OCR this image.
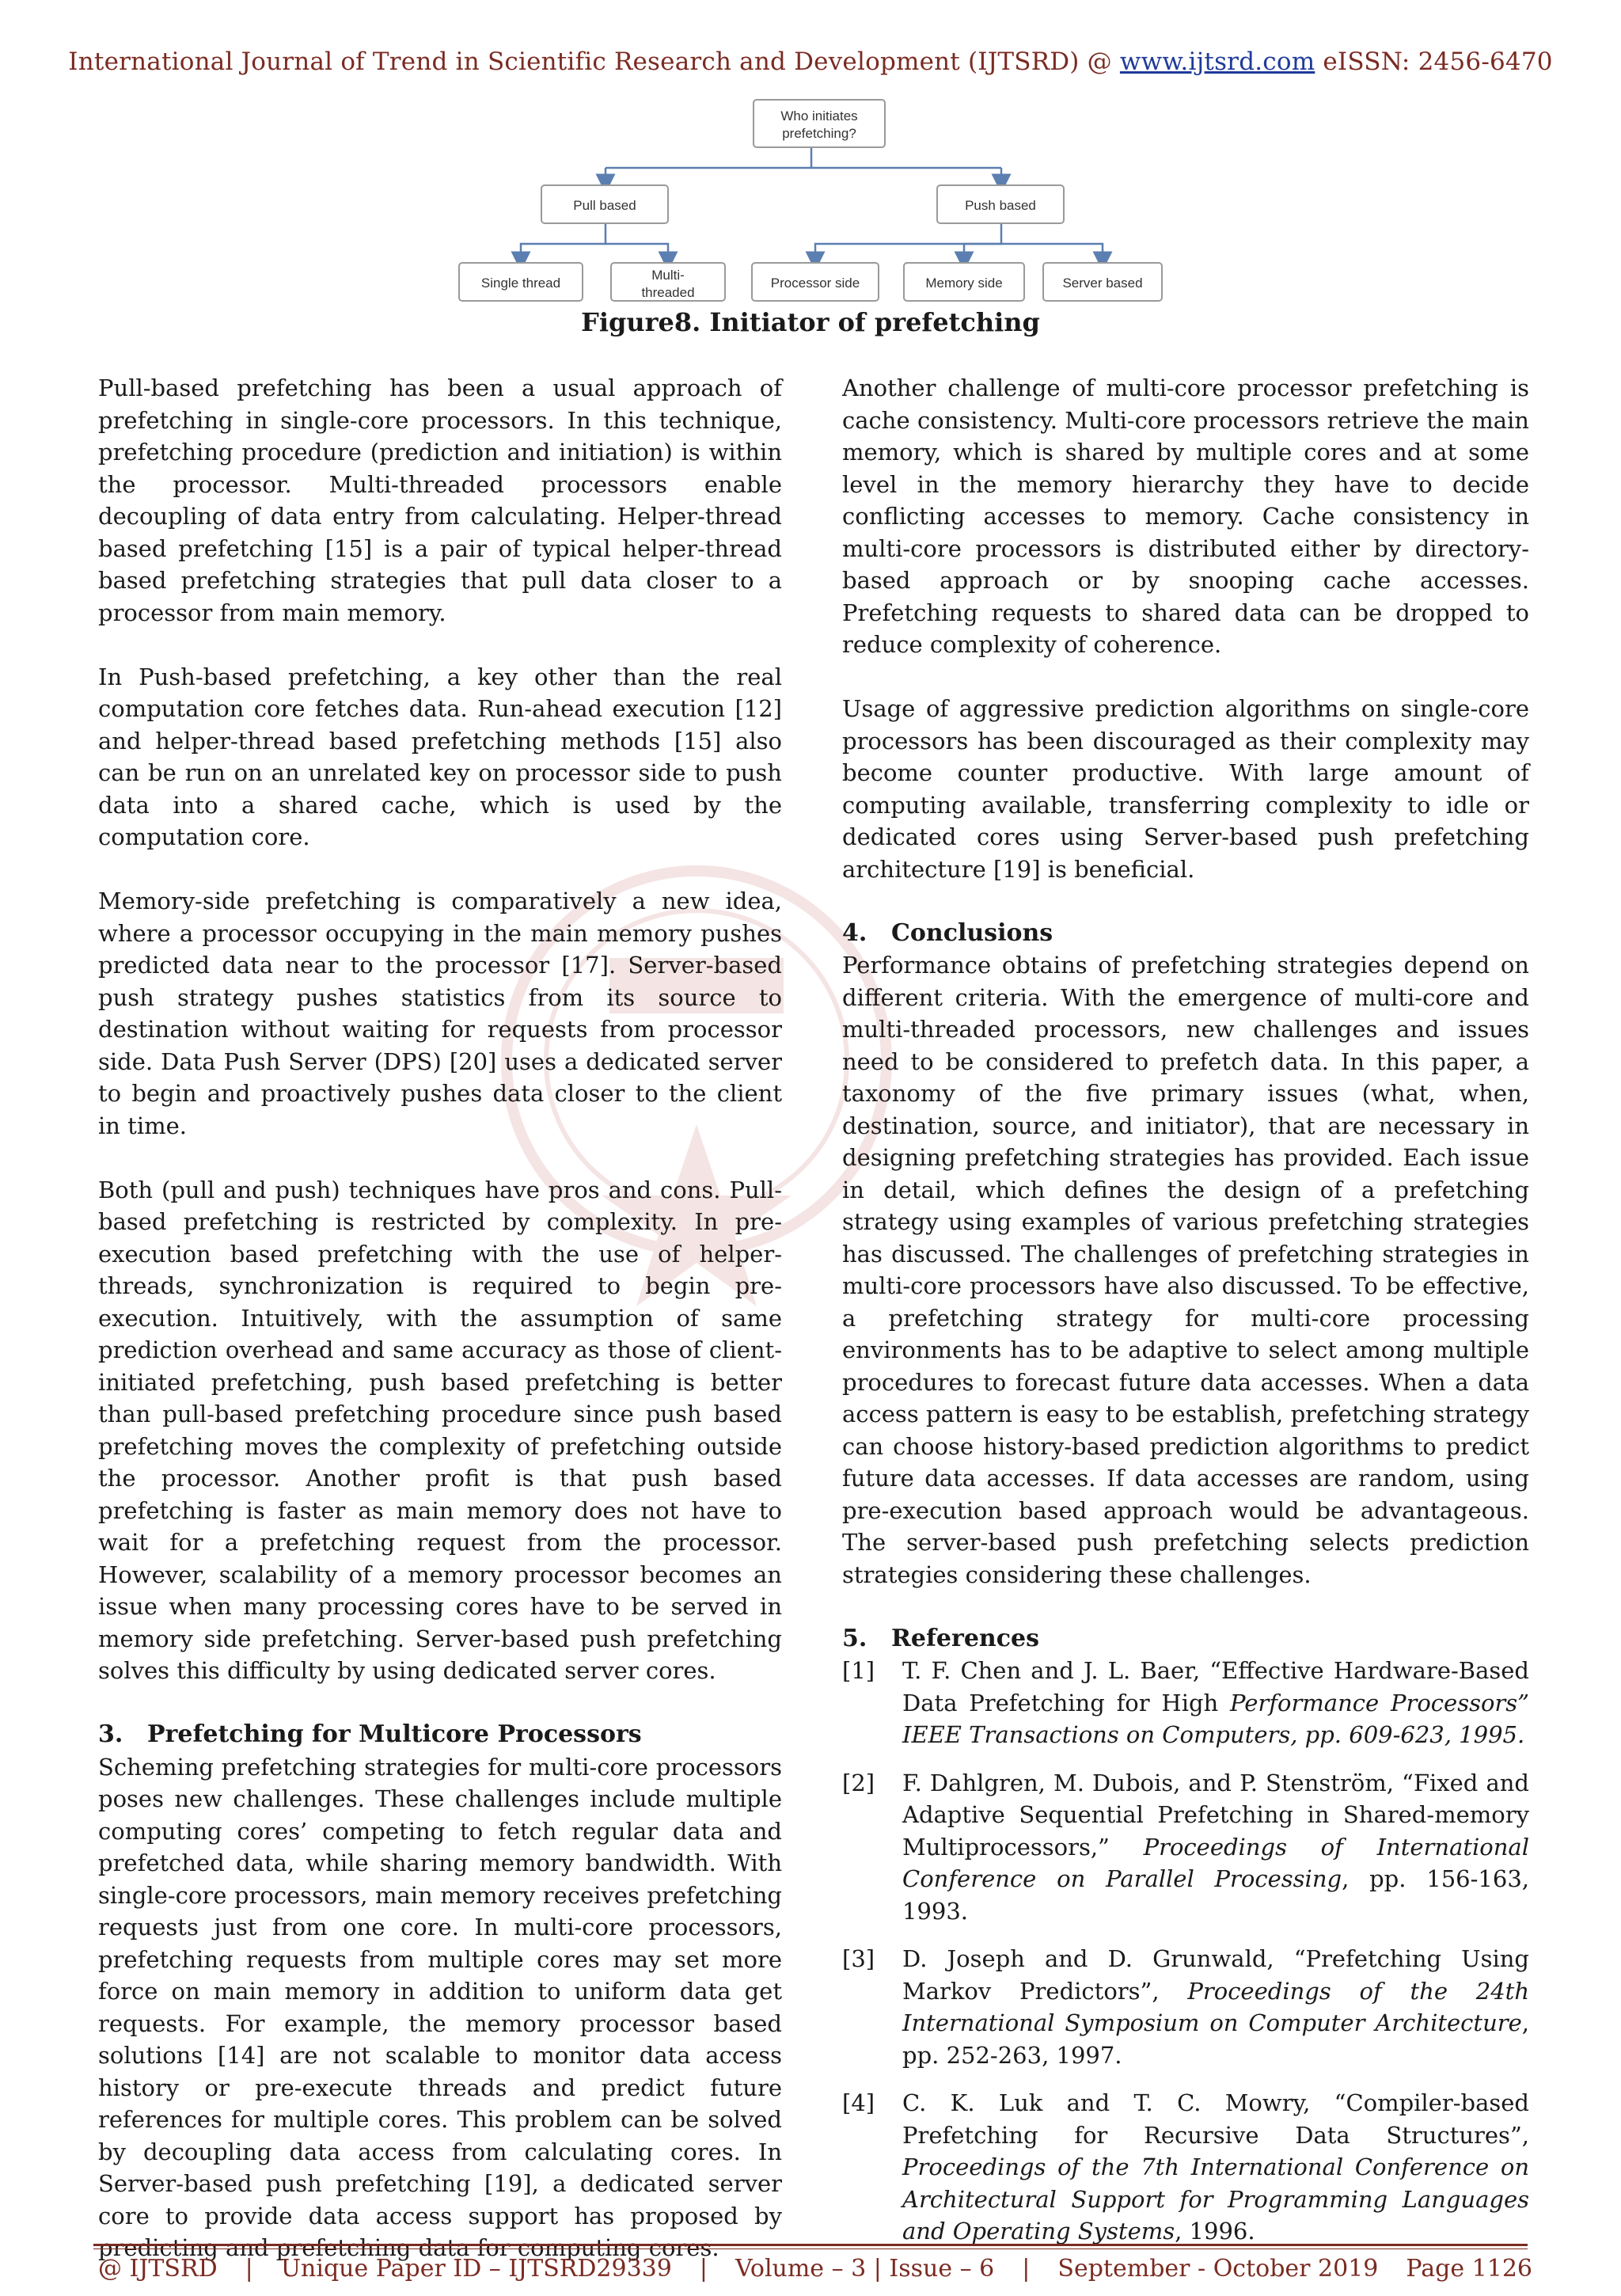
International Journal of Trend in Scientific Research and Development (IJTSRD) @ www.ijtsrd.com eISSN: 2456-6470
Who initiates
prefetching?
Pull based	Push based
Single thread
Multi-
threaded
Processor side	Memory side	Server based
Figure8. Initiator of prefetching

Pull-based prefetching has been a usual approach of prefetching in single-core processors. In this technique, prefetching procedure (prediction and initiation) is within the processor. Multi-threaded processors enable decoupling of data entry from calculating. Helper-thread based prefetching [15] is a pair of typical helper-thread based prefetching strategies that pull data closer to a processor from main memory.

In Push-based prefetching, a key other than the real computation core fetches data. Run-ahead execution [12] and helper-thread based prefetching methods [15] also can be run on an unrelated key on processor side to push data into a shared cache, which is used by the computation core.

Memory-side prefetching is comparatively a new idea, where a processor occupying in the main memory pushes predicted data near to the processor [17]. Server-based push strategy pushes statistics from its source to destination without waiting for requests from processor side. Data Push Server (DPS) [20] uses a dedicated server to begin and proactively pushes data closer to the client in time.

Both (pull and push) techniques have pros and cons. Pull-based prefetching is restricted by complexity. In pre-execution based prefetching with the use of helper-threads, synchronization is required to begin pre-execution. Intuitively, with the assumption of same prediction overhead and same accuracy as those of client-initiated prefetching, push based prefetching is better than pull-based prefetching procedure since push based prefetching moves the complexity of prefetching outside the processor. Another profit is that push based prefetching is faster as main memory does not have to wait for a prefetching request from the processor. However, scalability of a memory processor becomes an issue when many processing cores have to be served in memory side prefetching. Server-based push prefetching solves this difficulty by using dedicated server cores.

3. Prefetching for Multicore Processors

Scheming prefetching strategies for multi-core processors poses new challenges. These challenges include multiple computing cores’ competing to fetch regular data and prefetched data, while sharing memory bandwidth. With single-core processors, main memory receives prefetching requests just from one core. In multi-core processors, prefetching requests from multiple cores may set more force on main memory in addition to uniform data get requests. For example, the memory processor based solutions [14] are not scalable to monitor data access history or pre-execute threads and predict future references for multiple cores. This problem can be solved by decoupling data access from calculating cores. In Server-based push prefetching [19], a dedicated server core to provide data access support has proposed by predicting and prefetching data for computing cores.

Another challenge of multi-core processor prefetching is cache consistency. Multi-core processors retrieve the main memory, which is shared by multiple cores and at some level in the memory hierarchy they have to decide conflicting accesses to memory. Cache consistency in multi-core processors is distributed either by directory-based approach or by snooping cache accesses. Prefetching requests to shared data can be dropped to reduce complexity of coherence.

Usage of aggressive prediction algorithms on single-core processors has been discouraged as their complexity may become counter productive. With large amount of computing available, transferring complexity to idle or dedicated cores using Server-based push prefetching architecture [19] is beneficial.

4. Conclusions

Performance obtains of prefetching strategies depend on different criteria. With the emergence of multi-core and multi-threaded processors, new challenges and issues need to be considered to prefetch data. In this paper, a taxonomy of the five primary issues (what, when, destination, source, and initiator), that are necessary in designing prefetching strategies has provided. Each issue in detail, which defines the design of a prefetching strategy using examples of various prefetching strategies has discussed. The challenges of prefetching strategies in multi-core processors have also discussed. To be effective, a prefetching strategy for multi-core processing environments has to be adaptive to select among multiple procedures to forecast future data accesses. When a data access pattern is easy to be establish, prefetching strategy can choose history-based prediction algorithms to predict future data accesses. If data accesses are random, using pre-execution based approach would be advantageous. The server-based push prefetching selects prediction strategies considering these challenges.

5. References
[1]	T. F. Chen and J. L. Baer, “Effective Hardware-Based Data Prefetching for High Performance Processors” IEEE Transactions on Computers, pp. 609-623, 1995.
[2]	F. Dahlgren, M. Dubois, and P. Stenström, “Fixed and Adaptive Sequential Prefetching in Shared-memory Multiprocessors,” Proceedings of International Conference on Parallel Processing, pp. 156-163, 1993.
[3]	D. Joseph and D. Grunwald, “Prefetching Using Markov Predictors”, Proceedings of the 24th International Symposium on Computer Architecture, pp. 252-263, 1997.
[4]	C. K. Luk and T. C. Mowry, “Compiler-based Prefetching for Recursive Data Structures”, Proceedings of the 7th International Conference on Architectural Support for Programming Languages and Operating Systems, 1996.
@ IJTSRD | Unique Paper ID – IJTSRD29339 | Volume – 3 | Issue – 6 | September - October 2019 Page 1126
